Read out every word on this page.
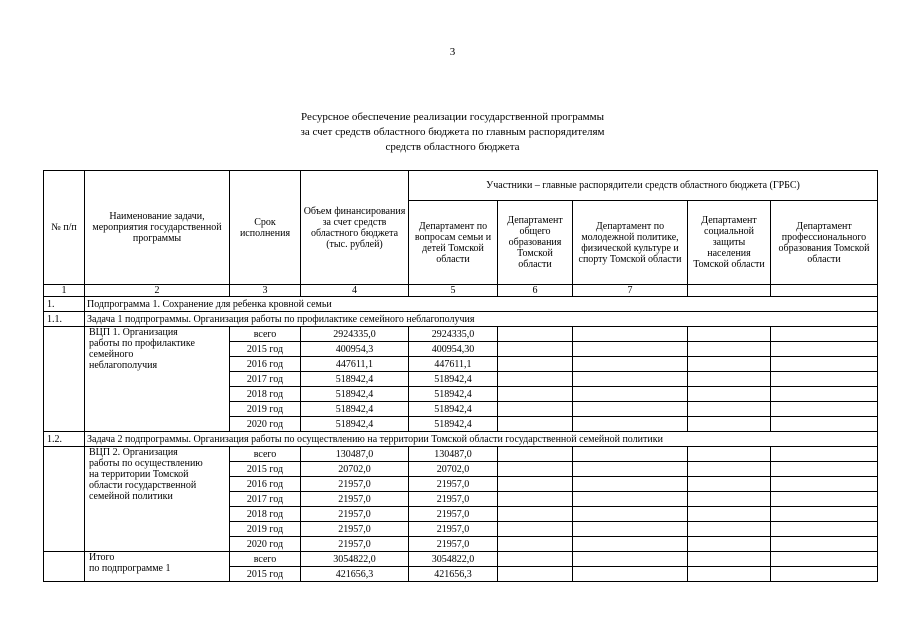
3
Ресурсное обеспечение реализации государственной программы
за счет средств областного бюджета по главным распорядителям
средств областного бюджета
№ п/п	Наименование задачи, мероприятия государственной программы	Срок исполнения	Объем финансирования за счет средств областного бюджета (тыс. рублей)	Участники – главные распорядители средств областного бюджета (ГРБС)				
				Департамент по вопросам семьи и детей Томской области	Департамент общего образования Томской области	Департамент по молодежной политике, физической культуре и спорту Томской области	Департамент социальной защиты населения Томской области	Департамент профессионального образования Томской области
1	2	3	4	5	6	7		
1.	Подпрограмма 1. Сохранение для ребенка кровной семьи							
1.1.	Задача 1 подпрограммы. Организация работы по профилактике семейного неблагополучия							

	ВЦП 1. Организация
работы по профилактике
семейного
неблагополучия	всего	2924335,0	2924335,0				
		2015 год	400954,3	400954,30				
		2016 год	447611,1	447611,1				
		2017 год	518942,4	518942,4				
		2018 год	518942,4	518942,4				
		2019 год	518942,4	518942,4				
		2020 год	518942,4	518942,4				
1.2.	Задача 2 подпрограммы. Организация работы по осуществлению на территории Томской области государственной семейной политики							

	ВЦП 2. Организация
работы по осуществлению
на территории Томской
области государственной
семейной политики	всего	130487,0	130487,0				
		2015 год	20702,0	20702,0				
		2016 год	21957,0	21957,0				
		2017 год	21957,0	21957,0				
		2018 год	21957,0	21957,0				
		2019 год	21957,0	21957,0				
		2020 год	21957,0	21957,0				

	Итого
по подпрограмме 1	всего	3054822,0	3054822,0				
		2015 год	421656,3	421656,3				
